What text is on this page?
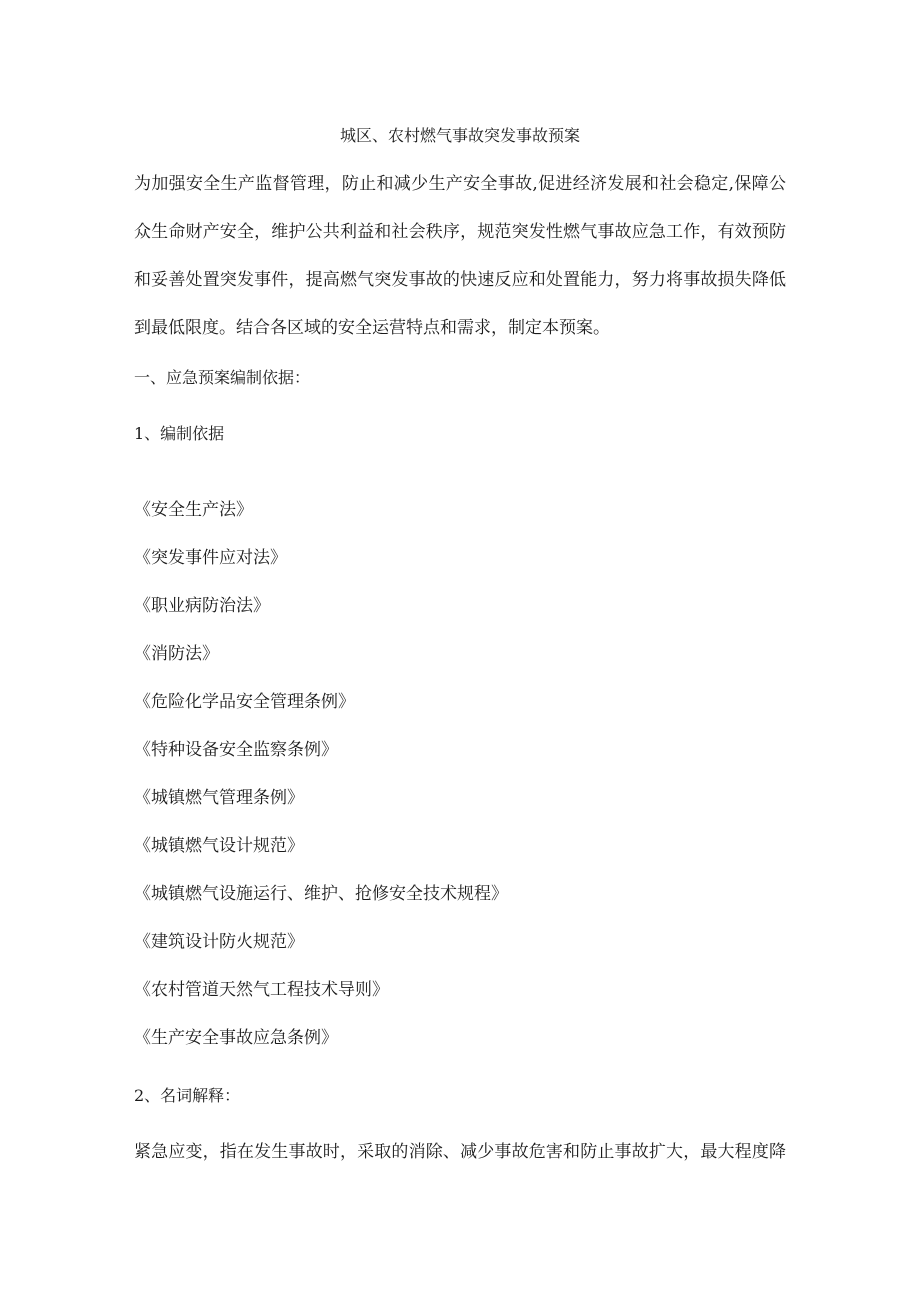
城区、农村燃气事故突发事故预案
为加强安全生产监督管理，防止和减少生产安全事故,促进经济发展和社会稳定,保障公
众生命财产安全，维护公共利益和社会秩序，规范突发性燃气事故应急工作，有效预防
和妥善处置突发事件，提高燃气突发事故的快速反应和处置能力，努力将事故损失降低
到最低限度。结合各区域的安全运营特点和需求，制定本预案。
一、应急预案编制依据：
1、编制依据
《安全生产法》
《突发事件应对法》
《职业病防治法》
《消防法》
《危险化学品安全管理条例》
《特种设备安全监察条例》
《城镇燃气管理条例》
《城镇燃气设计规范》
《城镇燃气设施运行、维护、抢修安全技术规程》
《建筑设计防火规范》
《农村管道天然气工程技术导则》
《生产安全事故应急条例》
2、名词解释：
紧急应变，指在发生事故时，采取的消除、减少事故危害和防止事故扩大，最大程度降
